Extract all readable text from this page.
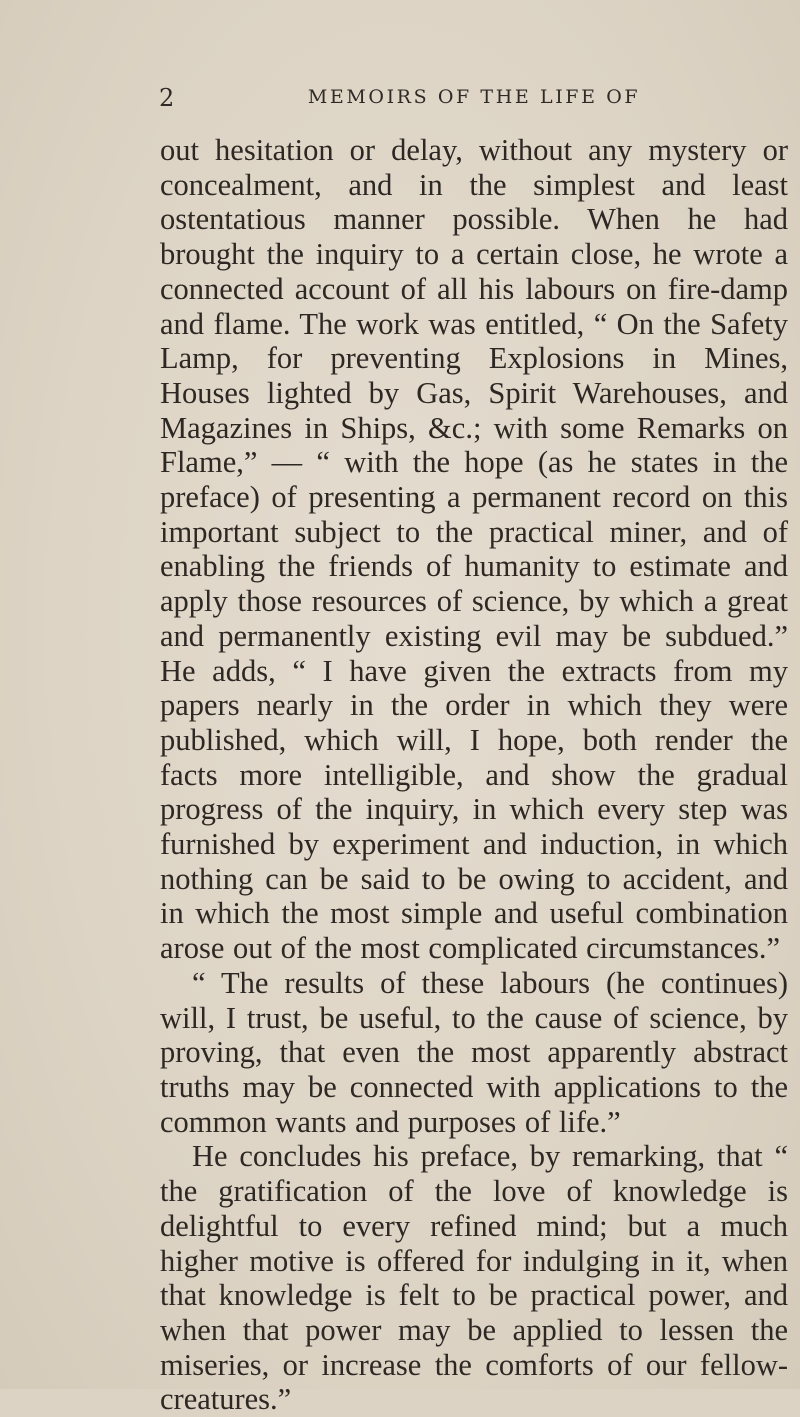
2	MEMOIRS OF THE LIFE OF

out hesitation or delay, without any mystery or concealment, and in the simplest and least ostentatious manner possible. When he had brought the inquiry to a certain close, he wrote a connected account of all his labours on fire-damp and flame. The work was entitled, “ On the Safety Lamp, for preventing Explosions in Mines, Houses lighted by Gas, Spirit Warehouses, and Magazines in Ships, &c.; with some Remarks on Flame,” — “ with the hope (as he states in the preface) of presenting a permanent record on this important subject to the practical miner, and of enabling the friends of humanity to estimate and apply those resources of science, by which a great and permanently existing evil may be subdued.” He adds, “ I have given the extracts from my papers nearly in the order in which they were published, which will, I hope, both render the facts more intelligible, and show the gradual progress of the inquiry, in which every step was furnished by experiment and induction, in which nothing can be said to be owing to accident, and in which the most simple and useful combination arose out of the most complicated circumstances.”

“ The results of these labours (he continues) will, I trust, be useful, to the cause of science, by proving, that even the most apparently abstract truths may be connected with applications to the common wants and purposes of life.”

He concludes his preface, by remarking, that “ the gratification of the love of knowledge is delightful to every refined mind; but a much higher motive is offered for indulging in it, when that knowledge is felt to be practical power, and when that power may be applied to lessen the miseries, or increase the comforts of our fellow-creatures.”
